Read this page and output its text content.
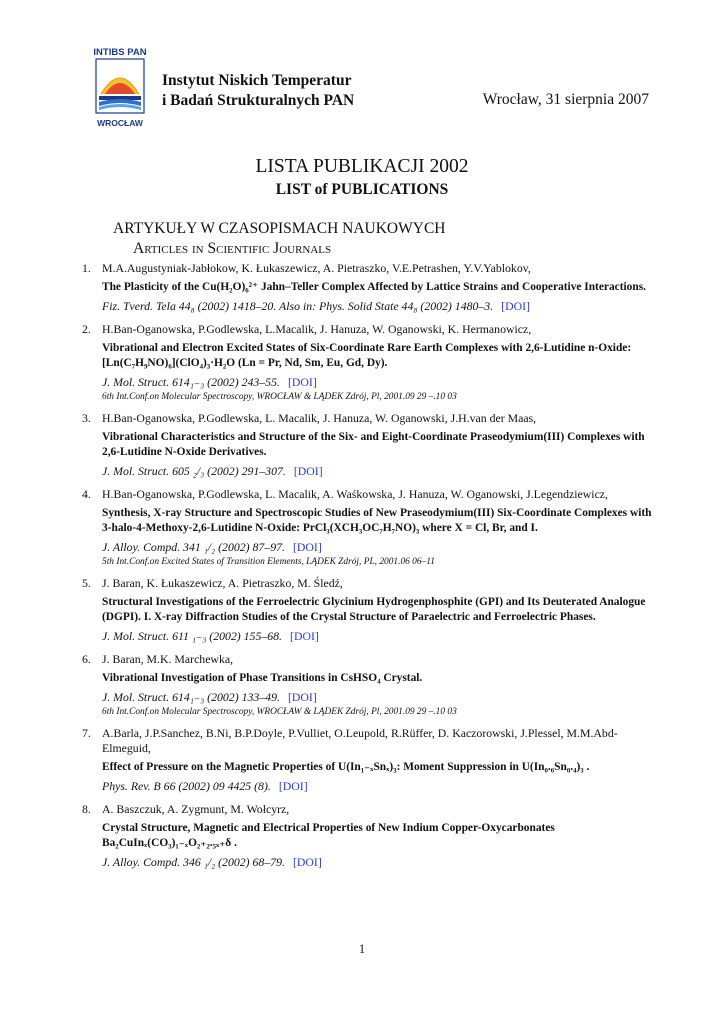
INTIBS PAN
WROCŁAW
Instytut Niskich Temperatur
i Badań Strukturalnych PAN	Wrocław, 31 sierpnia 2007
LISTA PUBLIKACJI 2002
LIST of PUBLICATIONS
ARTYKUŁY W CZASOPISMACH NAUKOWYCH
Articles in Scientific Journals
1. M.A.Augustyniak-Jabłokow, K. Łukaszewicz, A. Pietraszko, V.E.Petrashen, Y.V.Yablokov,
The Plasticity of the Cu(H₂O)₆²⁺ Jahn–Teller Complex Affected by Lattice Strains and Cooperative Interactions.
Fiz. Tverd. Tela 44₈ (2002) 1418–20. Also in: Phys. Solid State 44₈ (2002) 1480–3. [DOI]
2. H.Ban-Oganowska, P.Godlewska, L.Macalik, J. Hanuza, W. Oganowski, K. Hermanowicz,
Vibrational and Electron Excited States of Six-Coordinate Rare Earth Complexes with 2,6-Lutidine n-Oxide: [Ln(C₇H₉NO)₆](ClO₄)₃·H₂O (Ln = Pr, Nd, Sm, Eu, Gd, Dy).
J. Mol. Struct. 614₁₋₃ (2002) 243–55. [DOI]
6th Int.Conf.on Molecular Spectroscopy, WROCŁAW & LĄDEK Zdrój, Pl, 2001.09 29 –.10 03
3. H.Ban-Oganowska, P.Godlewska, L. Macalik, J. Hanuza, W. Oganowski, J.H.van der Maas,
Vibrational Characteristics and Structure of the Six- and Eight-Coordinate Praseodymium(III) Complexes with 2,6-Lutidine N-Oxide Derivatives.
J. Mol. Struct. 605 ₂/₃ (2002) 291–307. [DOI]
4. H.Ban-Oganowska, P.Godlewska, L. Macalik, A. Waśkowska, J. Hanuza, W. Oganowski, J.Legendziewicz,
Synthesis, X-ray Structure and Spectroscopic Studies of New Praseodymium(III) Six-Coordinate Complexes with 3-halo-4-Methoxy-2,6-Lutidine N-Oxide: PrCl₃(XCH₃OC₇H₇NO)₃ where X = Cl, Br, and I.
J. Alloy. Compd. 341 ₁/₂ (2002) 87–97. [DOI]
5th Int.Conf.on Excited States of Transition Elements, LĄDEK Zdrój, PL, 2001.06 06–11
5. J. Baran, K. Łukaszewicz, A. Pietraszko, M. Śledź,
Structural Investigations of the Ferroelectric Glycinium Hydrogenphosphite (GPI) and Its Deuterated Analogue (DGPI). I. X-ray Diffraction Studies of the Crystal Structure of Paraelectric and Ferroelectric Phases.
J. Mol. Struct. 611 ₁₋₃ (2002) 155–68. [DOI]
6. J. Baran, M.K. Marchewka,
Vibrational Investigation of Phase Transitions in CsHSO₄ Crystal.
J. Mol. Struct. 614₁₋₃ (2002) 133–49. [DOI]
6th Int.Conf.on Molecular Spectroscopy, WROCŁAW & LĄDEK Zdrój, Pl, 2001.09 29 –.10 03
7. A.Barla, J.P.Sanchez, B.Ni, B.P.Doyle, P.Vulliet, O.Leupold, R.Rüffer, D. Kaczorowski, J.Plessel, M.M.Abd-Elmeguid,
Effect of Pressure on the Magnetic Properties of U(In₁₋ₓSnₓ)₃: Moment Suppression in U(In₀.₆Sn₀.₄)₃ .
Phys. Rev. B 66 (2002) 09 4425 (8). [DOI]
8. A. Baszczuk, A. Zygmunt, M. Wołcyrz,
Crystal Structure, Magnetic and Electrical Properties of New Indium Copper-Oxycarbonates Ba₂CuInₓ(CO₃)₁₋ₓO₂₊₂.₅ₓ₊δ .
J. Alloy. Compd. 346 ₁/₂ (2002) 68–79. [DOI]
1
